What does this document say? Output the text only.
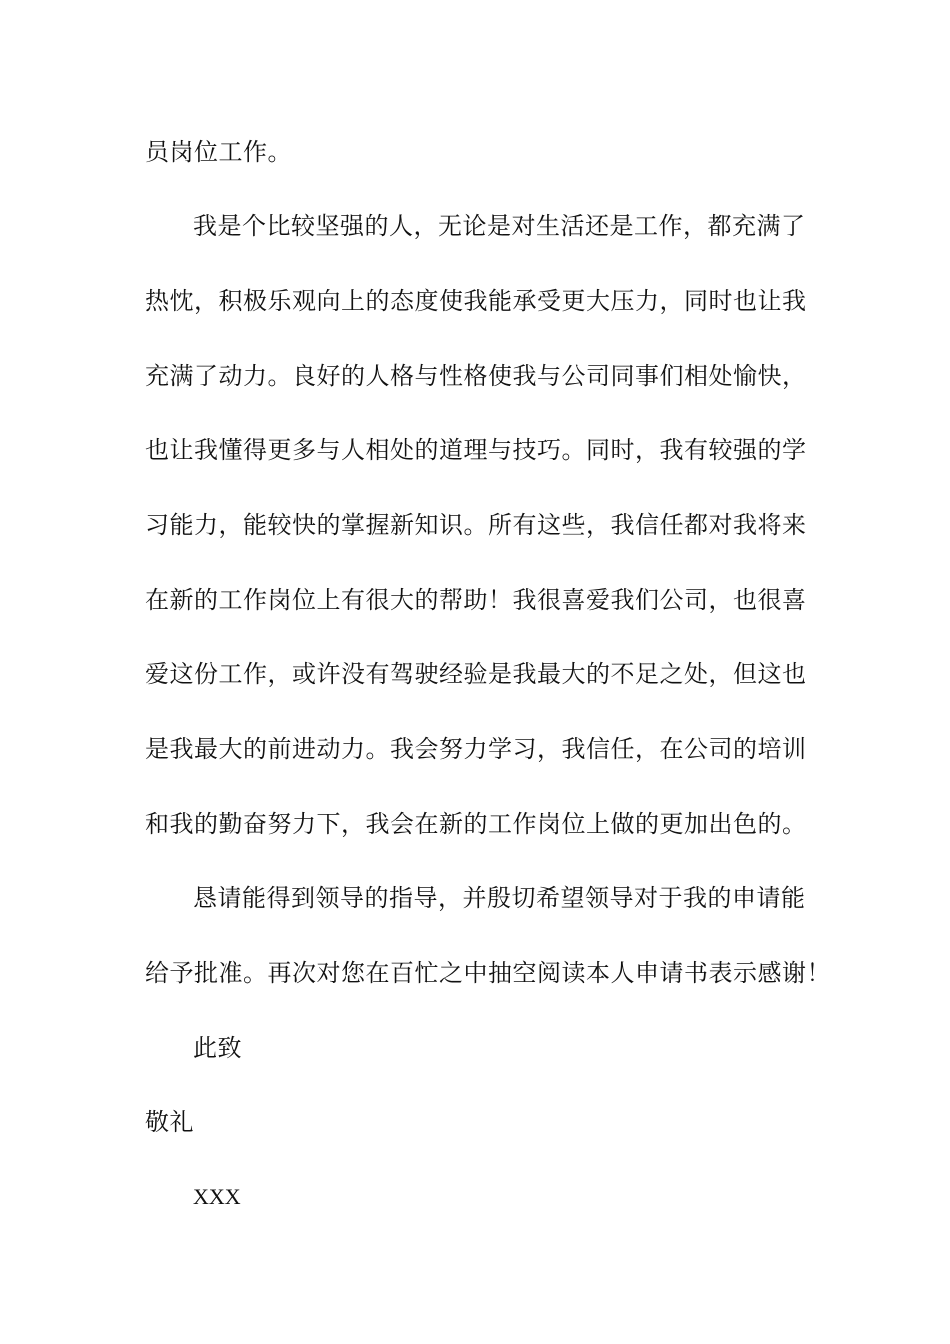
员岗位工作。
我是个比较坚强的人，无论是对生活还是工作，都充满了
热忱，积极乐观向上的态度使我能承受更大压力，同时也让我
充满了动力。良好的人格与性格使我与公司同事们相处愉快，
也让我懂得更多与人相处的道理与技巧。同时，我有较强的学
习能力，能较快的掌握新知识。所有这些，我信任都对我将来
在新的工作岗位上有很大的帮助！我很喜爱我们公司，也很喜
爱这份工作，或许没有驾驶经验是我最大的不足之处，但这也
是我最大的前进动力。我会努力学习，我信任，在公司的培训
和我的勤奋努力下，我会在新的工作岗位上做的更加出色的。
恳请能得到领导的指导，并殷切希望领导对于我的申请能
给予批准。再次对您在百忙之中抽空阅读本人申请书表示感谢！
此致
敬礼
XXX
